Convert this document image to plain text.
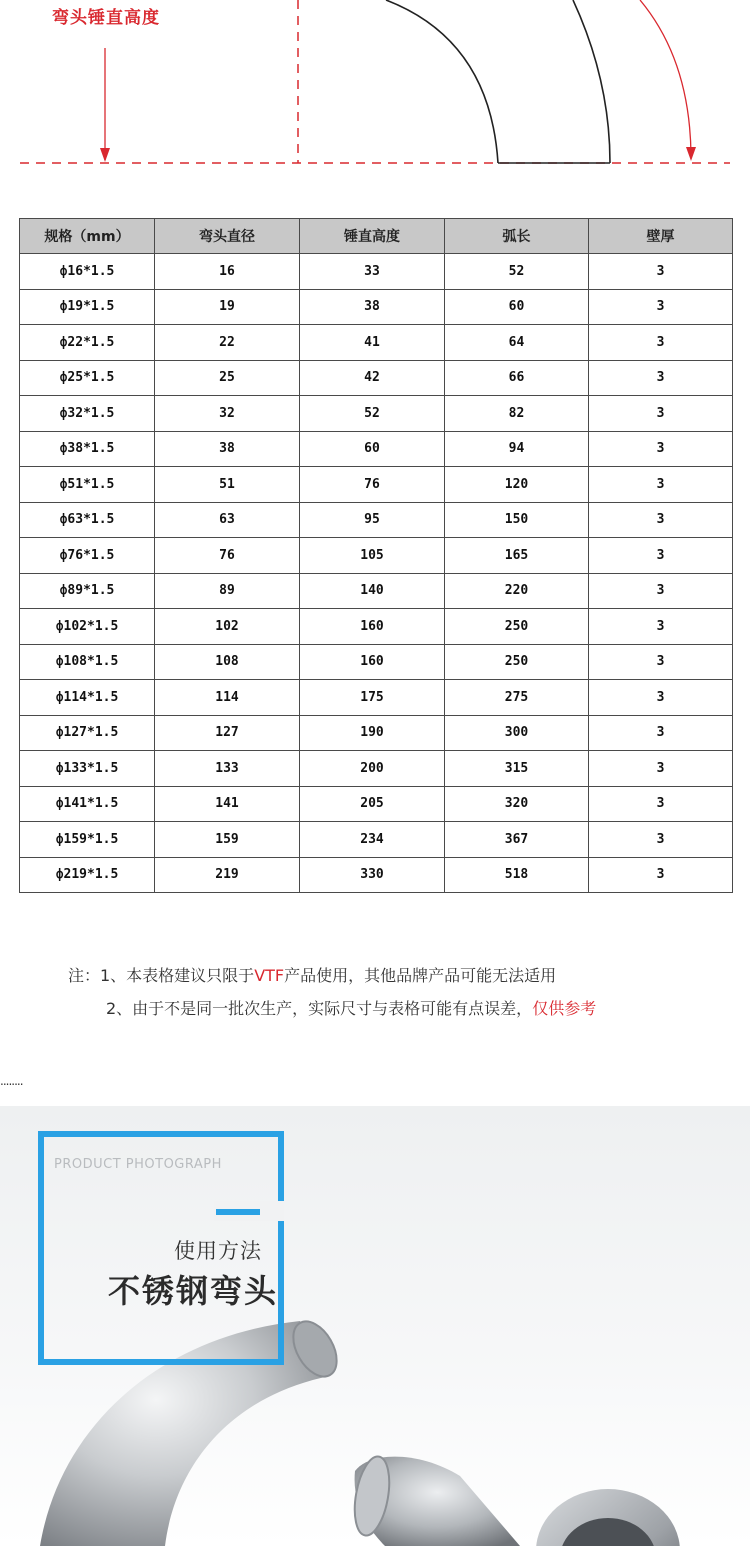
弯头锤直高度
规格（mm）	弯头直径	锤直高度	弧长	壁厚
ф16*1.5	16	33	52	3
ф19*1.5	19	38	60	3
ф22*1.5	22	41	64	3
ф25*1.5	25	42	66	3
ф32*1.5	32	52	82	3
ф38*1.5	38	60	94	3
ф51*1.5	51	76	120	3
ф63*1.5	63	95	150	3
ф76*1.5	76	105	165	3
ф89*1.5	89	140	220	3
ф102*1.5	102	160	250	3
ф108*1.5	108	160	250	3
ф114*1.5	114	175	275	3
ф127*1.5	127	190	300	3
ф133*1.5	133	200	315	3
ф141*1.5	141	205	320	3
ф159*1.5	159	234	367	3
ф219*1.5	219	330	518	3
注：1、本表格建议只限于VTF产品使用，其他品牌产品可能无法适用
2、由于不是同一批次生产，实际尺寸与表格可能有点误差，仅供参考
........
PRODUCT PHOTOGRAPH
使用方法
不锈钢弯头
